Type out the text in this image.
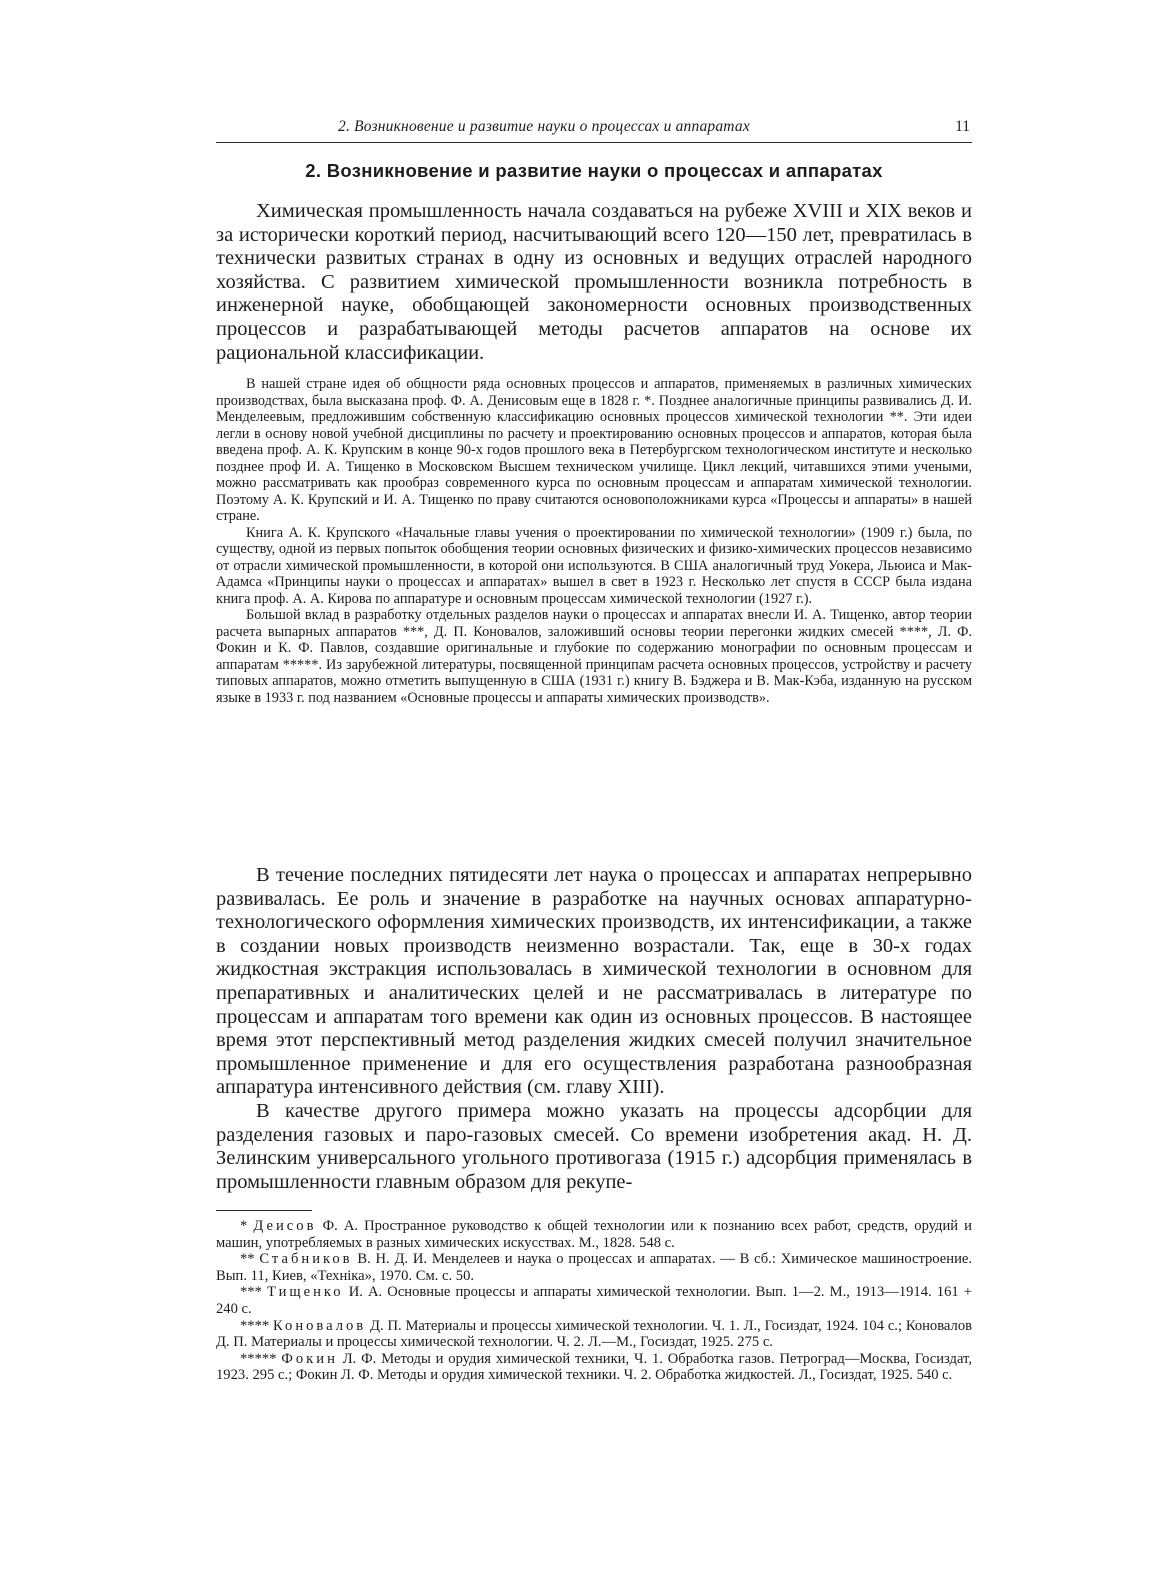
2. Возникновение и развитие науки о процессах и аппаратах	11
2. Возникновение и развитие науки о процессах и аппаратах

Химическая промышленность начала создаваться на рубеже XVIII и XIX веков и за исторически короткий период, насчитывающий всего 120—150 лет, превратилась в технически развитых странах в одну из основных и ведущих отраслей народного хозяйства. С развитием химической промышленности возникла потребность в инженерной науке, обобщающей закономерности основных производственных процессов и разрабатывающей методы расчетов аппаратов на основе их рациональной классификации.

В нашей стране идея об общности ряда основных процессов и аппаратов, применяемых в различных химических производствах, была высказана проф. Ф. А. Денисовым еще в 1828 г. *. Позднее аналогичные принципы развивались Д. И. Менделеевым, предложившим собственную классификацию основных процессов химической технологии **. Эти идеи легли в основу новой учебной дисциплины по расчету и проектированию основных процессов и аппаратов, которая была введена проф. А. К. Крупским в конце 90-х годов прошлого века в Петербургском технологическом институте и несколько позднее проф И. А. Тищенко в Московском Высшем техническом училище. Цикл лекций, читавшихся этими учеными, можно рассматривать как прообраз современного курса по основным процессам и аппаратам химической технологии. Поэтому А. К. Крупский и И. А. Тищенко по праву считаются основоположниками курса «Процессы и аппараты» в нашей стране.

Книга А. К. Крупского «Начальные главы учения о проектировании по химической технологии» (1909 г.) была, по существу, одной из первых попыток обобщения теории основных физических и физико-химических процессов независимо от отрасли химической промышленности, в которой они используются. В США аналогичный труд Уокера, Льюиса и Мак-Адамса «Принципы науки о процессах и аппаратах» вышел в свет в 1923 г. Несколько лет спустя в СССР была издана книга проф. А. А. Кирова по аппаратуре и основным процессам химической технологии (1927 г.).

Большой вклад в разработку отдельных разделов науки о процессах и аппаратах внесли И. А. Тищенко, автор теории расчета выпарных аппаратов ***, Д. П. Коновалов, заложивший основы теории перегонки жидких смесей ****, Л. Ф. Фокин и К. Ф. Павлов, создавшие оригинальные и глубокие по содержанию монографии по основным процессам и аппаратам *****. Из зарубежной литературы, посвященной принципам расчета основных процессов, устройству и расчету типовых аппаратов, можно отметить выпущенную в США (1931 г.) книгу В. Бэджера и В. Мак-Кэба, изданную на русском языке в 1933 г. под названием «Основные процессы и аппараты химических производств».

В течение последних пятидесяти лет наука о процессах и аппаратах непрерывно развивалась. Ее роль и значение в разработке на научных основах аппаратурно-технологического оформления химических производств, их интенсификации, а также в создании новых производств неизменно возрастали. Так, еще в 30-х годах жидкостная экстракция использовалась в химической технологии в основном для препаративных и аналитических целей и не рассматривалась в литературе по процессам и аппаратам того времени как один из основных процессов. В настоящее время этот перспективный метод разделения жидких смесей получил значительное промышленное применение и для его осуществления разработана разнообразная аппаратура интенсивного действия (см. главу XIII).

В качестве другого примера можно указать на процессы адсорбции для разделения газовых и паро-газовых смесей. Со времени изобретения акад. Н. Д. Зелинским универсального угольного противогаза (1915 г.) адсорбция применялась в промышленности главным образом для рекупе-

* Деисов Ф. А. Пространное руководство к общей технологии или к познанию всех работ, средств, орудий и машин, употребляемых в разных химических искусствах. М., 1828. 548 с.

** Стабников В. Н. Д. И. Менделеев и наука о процессах и аппаратах. — В сб.: Химическое машиностроение. Вып. 11, Киев, «Технiка», 1970. См. с. 50.

*** Тищенко И. А. Основные процессы и аппараты химической технологии. Вып. 1—2. М., 1913—1914. 161 + 240 с.

**** Коновалов Д. П. Материалы и процессы химической технологии. Ч. 1. Л., Госиздат, 1924. 104 с.; Коновалов Д. П. Материалы и процессы химической технологии. Ч. 2. Л.—М., Госиздат, 1925. 275 с.

***** Фокин Л. Ф. Методы и орудия химической техники, Ч. 1. Обработка газов. Петроград—Москва, Госиздат, 1923. 295 с.; Фокин Л. Ф. Методы и орудия химической техники. Ч. 2. Обработка жидкостей. Л., Госиздат, 1925. 540 с.
